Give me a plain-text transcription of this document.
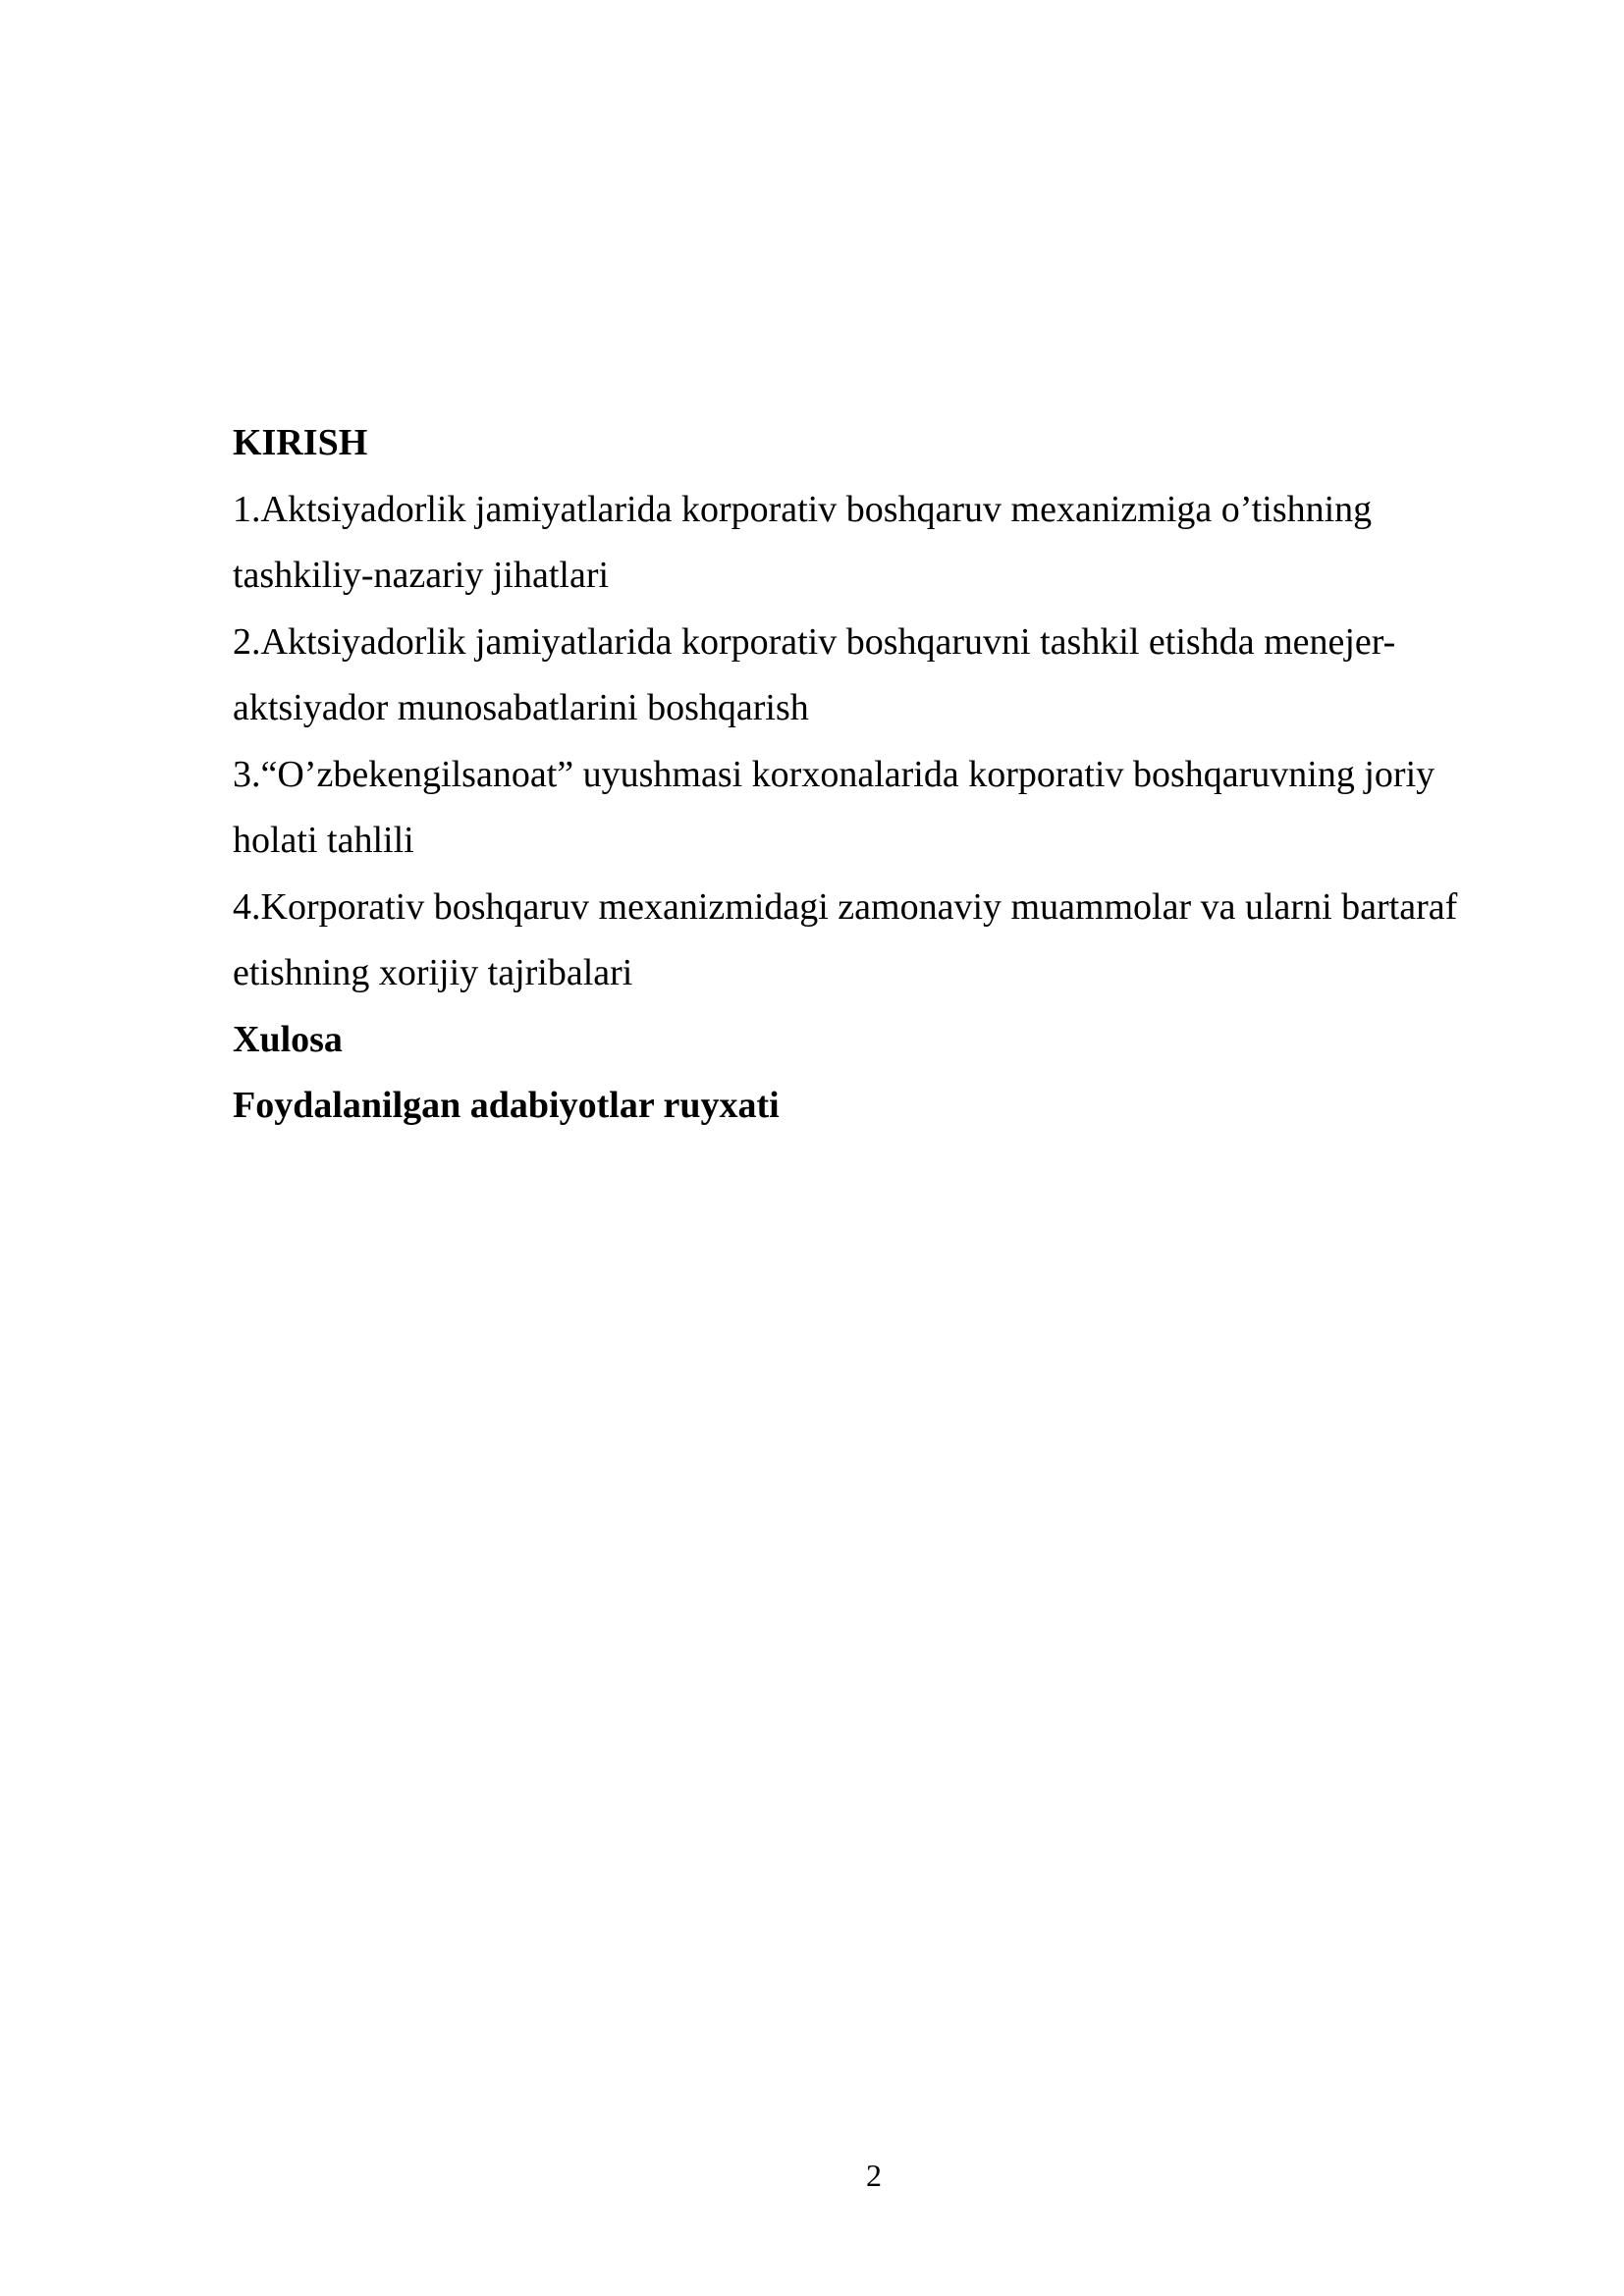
KIRISH

1.Aktsiyadorlik jamiyatlarida korporativ boshqaruv mexanizmiga o’tishning

tashkiliy-nazariy jihatlari

2.Aktsiyadorlik jamiyatlarida korporativ boshqaruvni tashkil etishda menejer-

aktsiyador munosabatlarini boshqarish

3.“O’zbekengilsanoat” uyushmasi korxonalarida korporativ boshqaruvning joriy

holati tahlili

4.Korporativ boshqaruv mexanizmidagi zamonaviy muammolar va ularni bartaraf

etishning xorijiy tajribalari

Xulosa

Foydalanilgan adabiyotlar ruyxati

2
